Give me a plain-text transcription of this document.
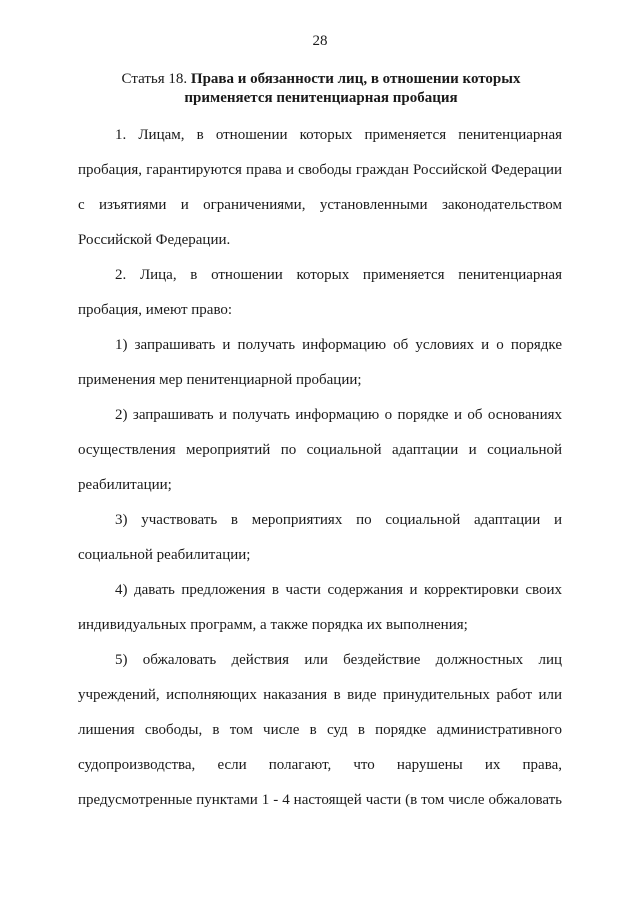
28
Статья 18. Права и обязанности лиц, в отношении которых применяется пенитенциарная пробация
1. Лицам, в отношении которых применяется пенитенциарная
пробация, гарантируются права и свободы граждан Российской Федерации
с изъятиями и ограничениями, установленными законодательством
Российской Федерации.
2. Лица, в отношении которых применяется пенитенциарная
пробация, имеют право:
1) запрашивать и получать информацию об условиях и о порядке
применения мер пенитенциарной пробации;
2) запрашивать и получать информацию о порядке и об основаниях
осуществления мероприятий по социальной адаптации и социальной
реабилитации;
3) участвовать в мероприятиях по социальной адаптации и
социальной реабилитации;
4) давать предложения в части содержания и корректировки своих
индивидуальных программ, а также порядка их выполнения;
5) обжаловать действия или бездействие должностных лиц
учреждений, исполняющих наказания в виде принудительных работ или
лишения свободы, в том числе в суд в порядке административного
судопроизводства, если полагают, что нарушены их права,
предусмотренные пунктами 1 - 4 настоящей части (в том числе обжаловать
